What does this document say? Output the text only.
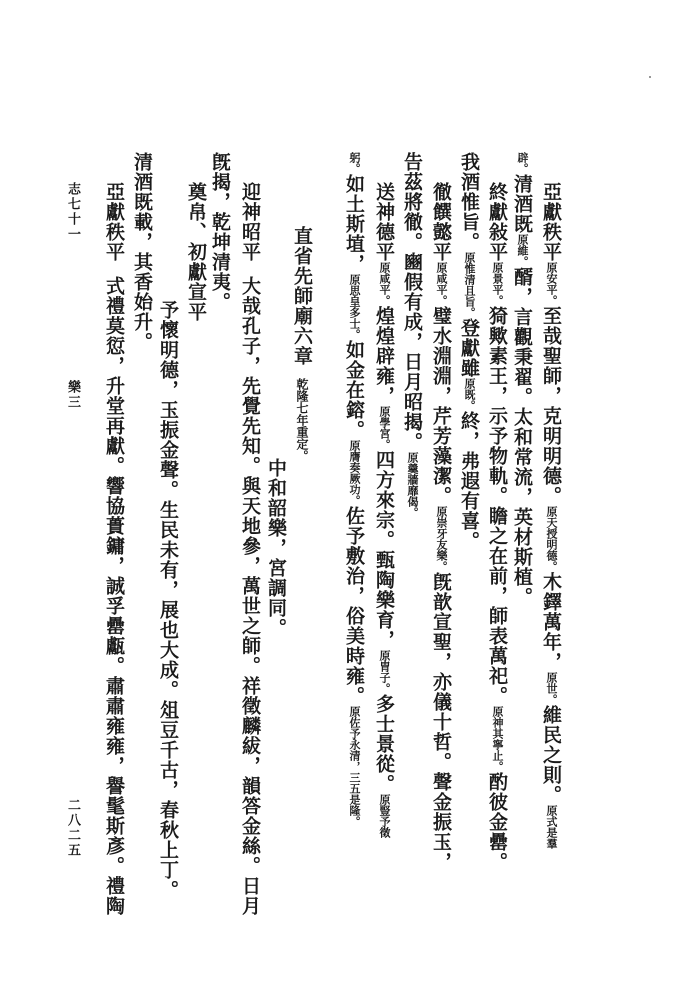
亞獻秩平原安平。至哉聖師，克明明德。原天授明德。木鐸萬年，原世。維民之則。原式是羣
辟。清酒既原維。醑，言觀秉翟。太和常流，英材斯植。
終獻敍平原景平。猗歟素王，示予物軌。瞻之在前，師表萬祀。原神其寧止。酌彼金罍。
我酒惟旨。原惟清且旨。登獻雖原既。終，弗遐有喜。
徹饌懿平原咸平。璧水淵淵，芹芳藻潔。原崇牙友樂。旣歆宣聖，亦儀十哲。聲金振玉，
告茲將徹。豳假有成，日月昭揭。原羹牆靡偈。
送神德平原咸平。煌煌辟雍，原學宮。四方來宗。甄陶樂育，原胄子。多士景從。原豎予徵
躬。如土斯埴，原思皇多士。如金在鎔。原膺奏厥功。佐予敷治，俗美時雍。原佐予永清，三五是隆。
直省先師廟六章乾隆七年重定。
中和韶樂，宮調同。
迎神昭平大哉孔子，先覺先知。與天地參，萬世之師。祥徵麟紱，韻答金絲。日月
旣揭，乾坤清夷。
奠帛、初獻宣平
予懷明德，玉振金聲。生民未有，展也大成。俎豆千古，春秋上丁。
清酒既載，其香始升。
亞獻秩平式禮莫愆，升堂再獻。響協蕢鏞，誠孚罍甗。肅肅雍雍，譽髦斯彥。禮陶
志七十一
樂三
二八二五
